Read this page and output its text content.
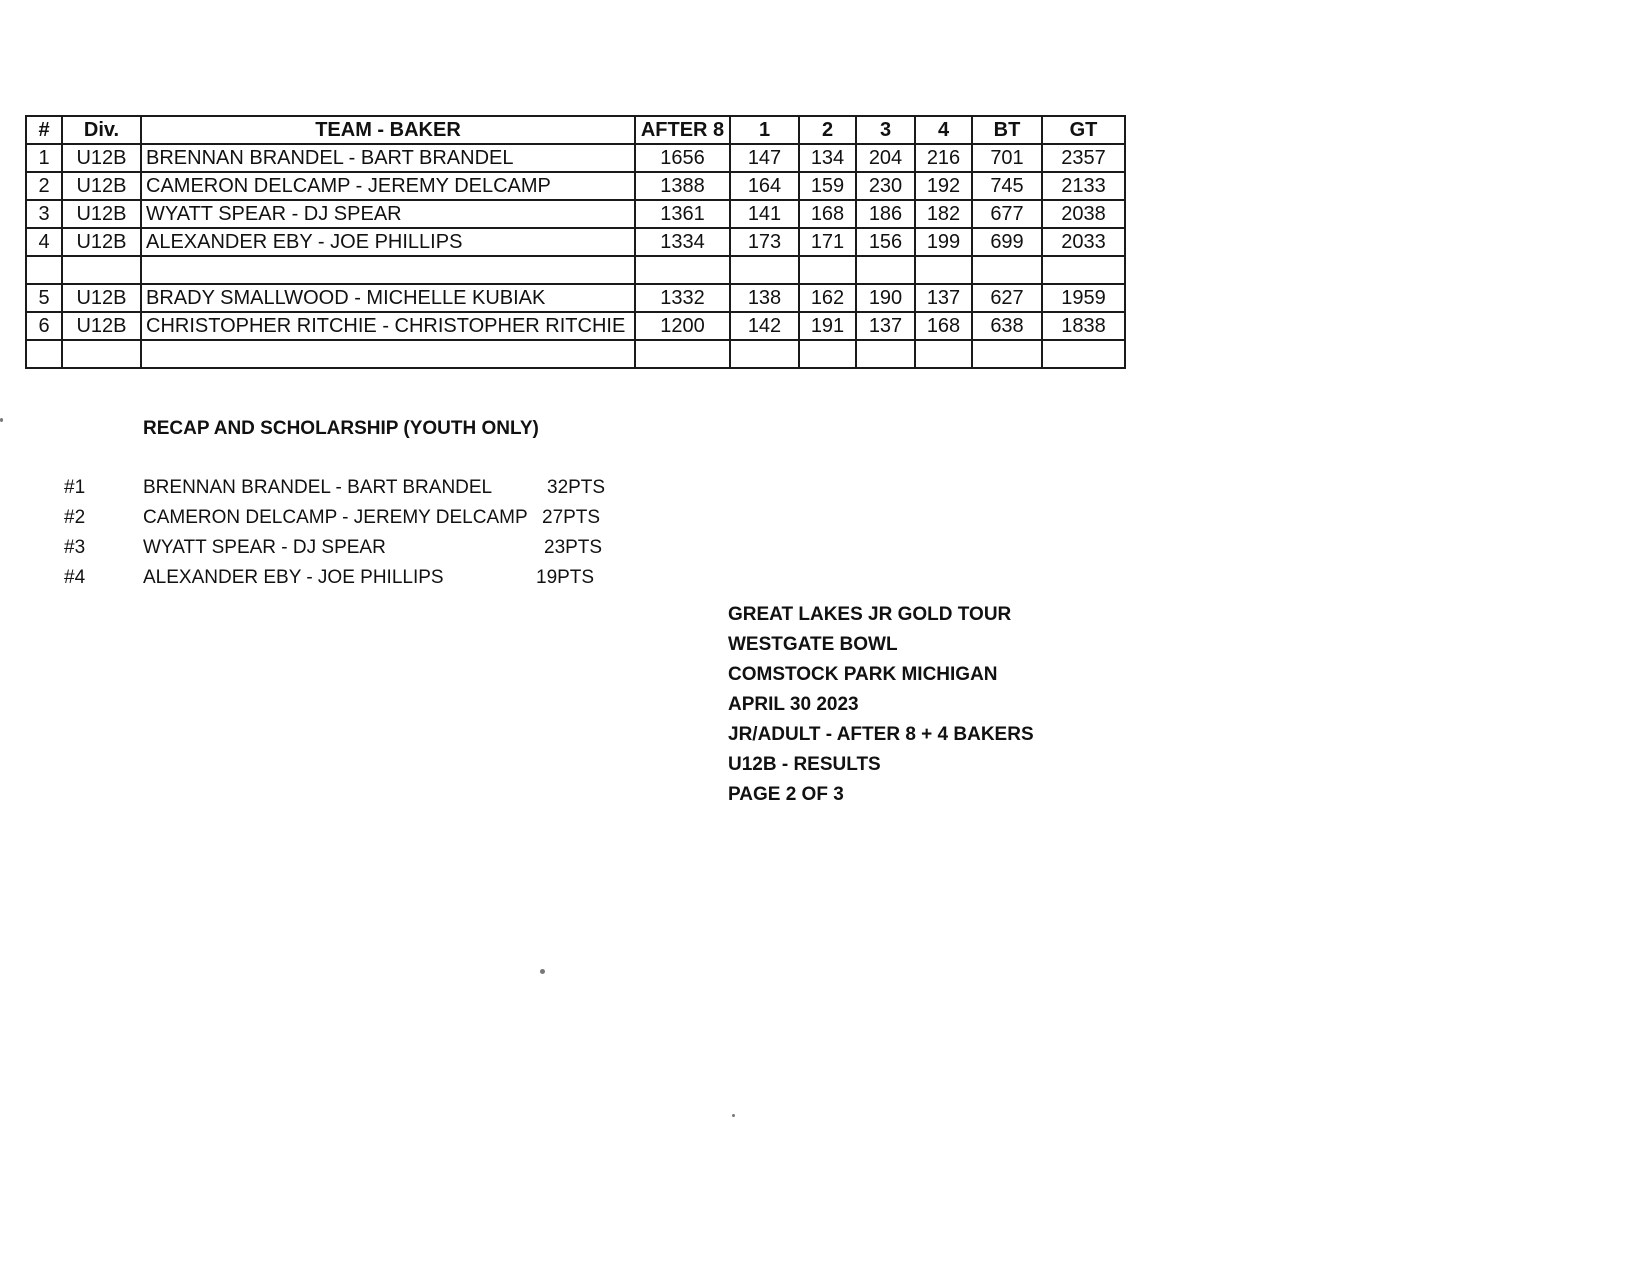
#	Div.	TEAM - BAKER	AFTER 8	1	2	3	4	BT	GT
1	U12B	BRENNAN BRANDEL - BART BRANDEL	1656	147	134	204	216	701	2357
2	U12B	CAMERON DELCAMP - JEREMY DELCAMP	1388	164	159	230	192	745	2133
3	U12B	WYATT SPEAR - DJ SPEAR	1361	141	168	186	182	677	2038
4	U12B	ALEXANDER EBY - JOE PHILLIPS	1334	173	171	156	199	699	2033

5	U12B	BRADY SMALLWOOD - MICHELLE KUBIAK	1332	138	162	190	137	627	1959
6	U12B	CHRISTOPHER RITCHIE - CHRISTOPHER RITCHIE	1200	142	191	137	168	638	1838

RECAP AND SCHOLARSHIP (YOUTH ONLY)
#1	BRENNAN BRANDEL - BART BRANDEL	32PTS
#2	CAMERON DELCAMP - JEREMY DELCAMP 27PTS
#3	WYATT SPEAR - DJ SPEAR	23PTS
#4	ALEXANDER EBY - JOE PHILLIPS	19PTS
GREAT LAKES JR GOLD TOUR
WESTGATE BOWL
COMSTOCK PARK MICHIGAN
APRIL 30 2023
JR/ADULT - AFTER 8 + 4 BAKERS
U12B - RESULTS
PAGE 2 OF 3
